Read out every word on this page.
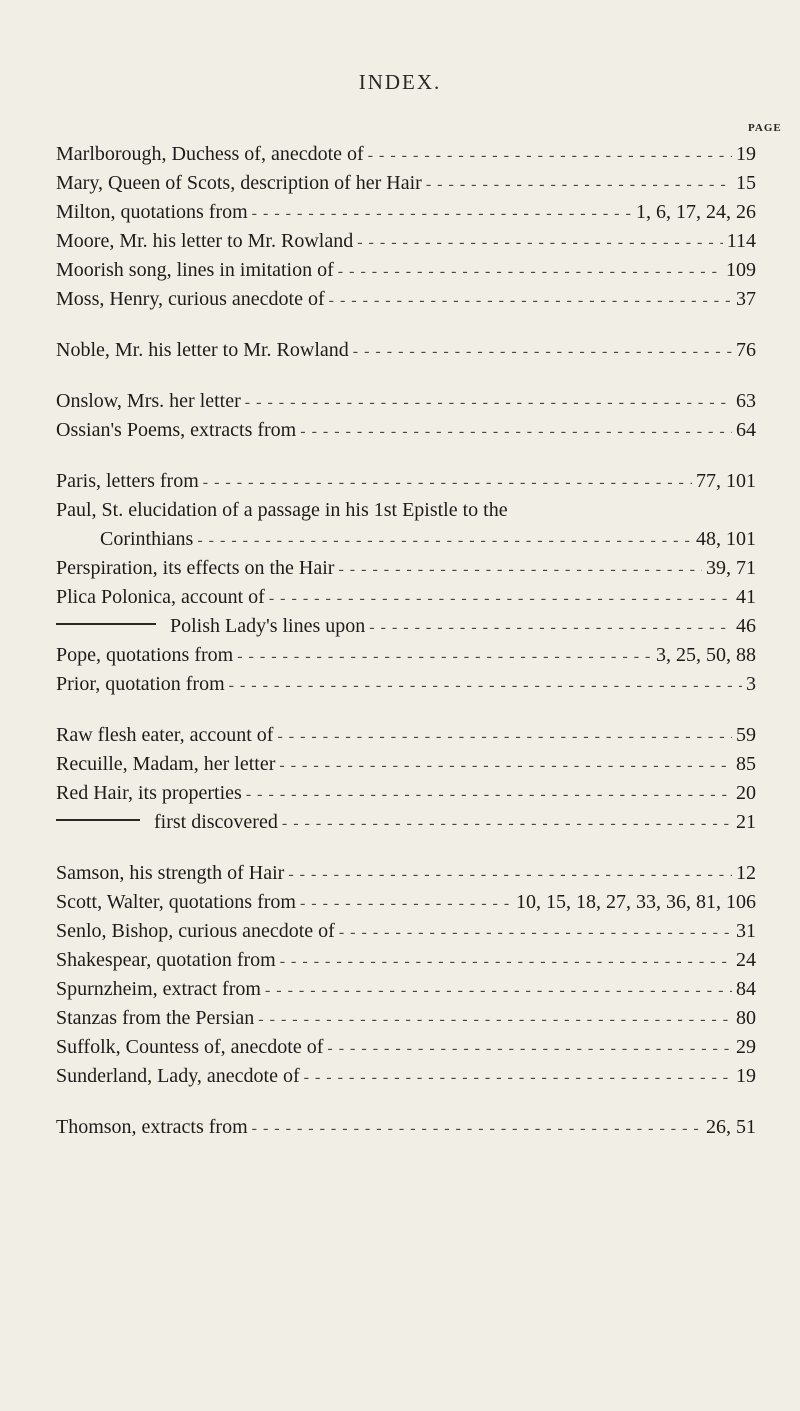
INDEX.
PAGE
Marlborough, Duchess of, anecdote of - - -	19
Mary, Queen of Scots, description of her Hair - - -	15
Milton, quotations from - - -	1, 6, 17, 24, 26
Moore, Mr. his letter to Mr. Rowland - - -	114
Moorish song, lines in imitation of - - -	109
Moss, Henry, curious anecdote of - - -	37
Noble, Mr. his letter to Mr. Rowland - - -	76
Onslow, Mrs. her letter - - -	63
Ossian's Poems, extracts from - - -	64
Paris, letters from - - -	77, 101
Paul, St. elucidation of a passage in his 1st Epistle to the
Corinthians - - -	48, 101
Perspiration, its effects on the Hair - - -	39, 71
Plica Polonica, account of - - -	41
Polish Lady's lines upon - - -	46
Pope, quotations from - - -	3, 25, 50, 88
Prior, quotation from - - -	3
Raw flesh eater, account of - - -	59
Recuille, Madam, her letter - - -	85
Red Hair, its properties - - -	20
first discovered - - -	21
Samson, his strength of Hair - - -	12
Scott, Walter, quotations from - - -	10, 15, 18, 27, 33, 36, 81, 106
Senlo, Bishop, curious anecdote of - - -	31
Shakespear, quotation from - - -	24
Spurnzheim, extract from - - -	84
Stanzas from the Persian - - -	80
Suffolk, Countess of, anecdote of - - -	29
Sunderland, Lady, anecdote of - - -	19
Thomson, extracts from - - -	26, 51
